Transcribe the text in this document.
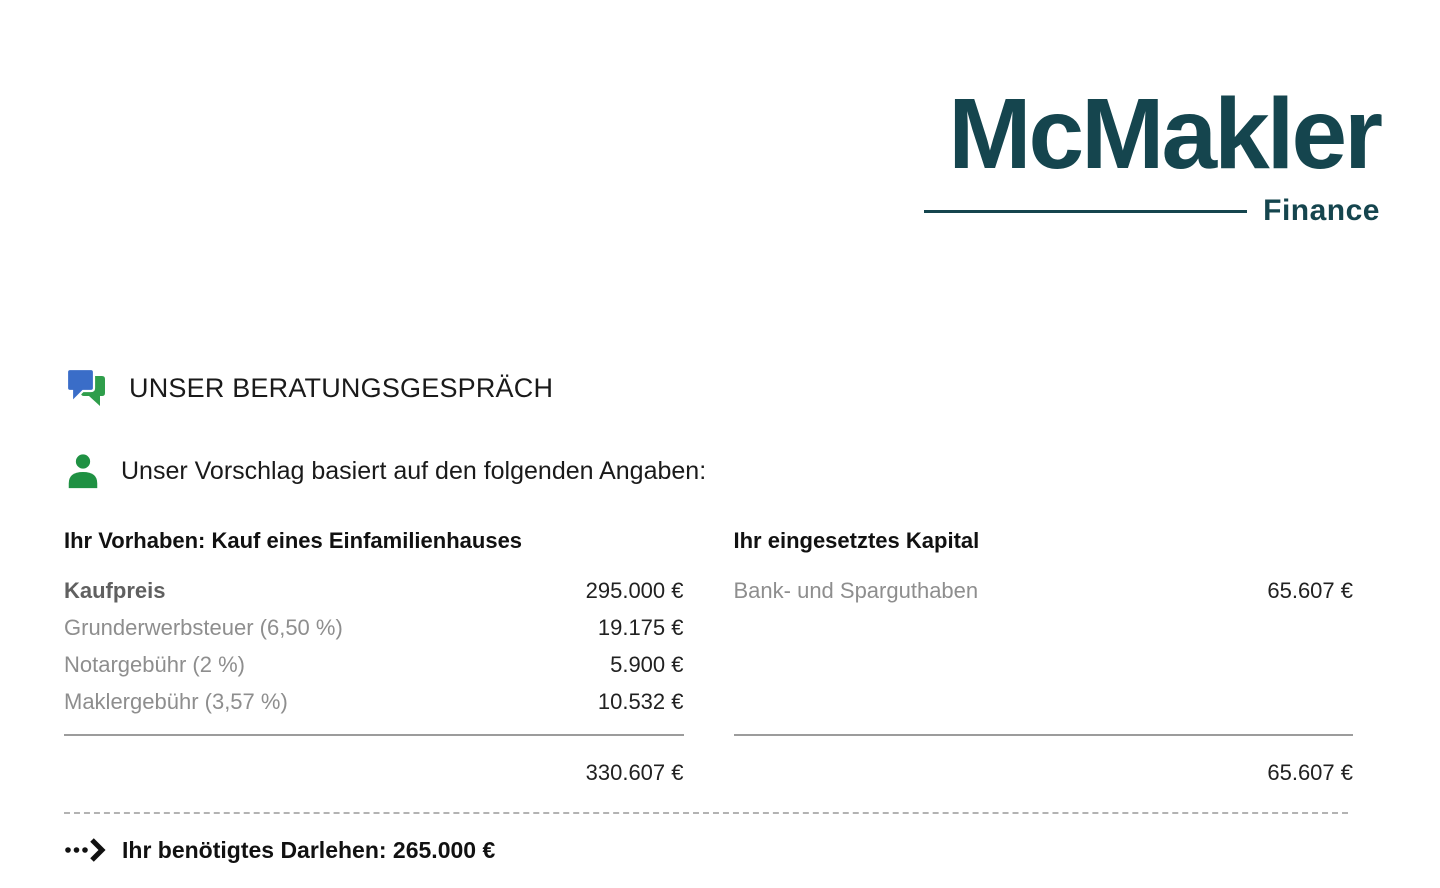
McMakler
Finance
UNSER BERATUNGSGESPRÄCH
Unser Vorschlag basiert auf den folgenden Angaben:
Ihr Vorhaben: Kauf eines Einfamilienhauses
Kaufpreis	295.000 €
Grunderwerbsteuer (6,50 %)	19.175 €
Notargebühr (2 %)	5.900 €
Maklergebühr (3,57 %)	10.532 €
330.607 €
Ihr eingesetztes Kapital
Bank- und Sparguthaben	65.607 €
65.607 €
Ihr benötigtes Darlehen: 265.000 €
